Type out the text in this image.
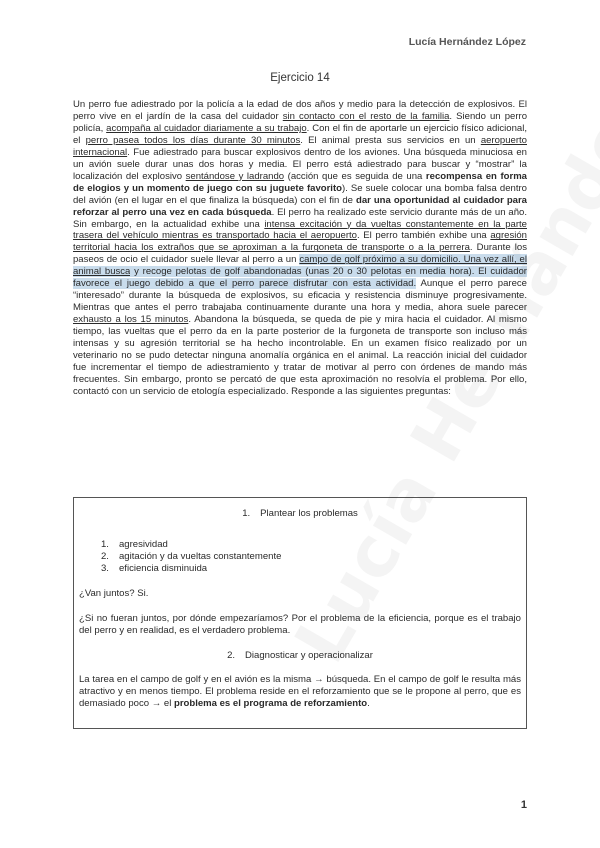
Lucía Hernández López
Ejercicio 14
Un perro fue adiestrado por la policía a la edad de dos años y medio para la detección de explosivos. El perro vive en el jardín de la casa del cuidador sin contacto con el resto de la familia. Siendo un perro policía, acompaña al cuidador diariamente a su trabajo. Con el fin de aportarle un ejercicio físico adicional, el perro pasea todos los días durante 30 minutos. El animal presta sus servicios en un aeropuerto internacional. Fue adiestrado para buscar explosivos dentro de los aviones. Una búsqueda minuciosa en un avión suele durar unas dos horas y media. El perro está adiestrado para buscar y “mostrar” la localización del explosivo sentándose y ladrando (acción que es seguida de una recompensa en forma de elogios y un momento de juego con su juguete favorito). Se suele colocar una bomba falsa dentro del avión (en el lugar en el que finaliza la búsqueda) con el fin de dar una oportunidad al cuidador para reforzar al perro una vez en cada búsqueda. El perro ha realizado este servicio durante más de un año. Sin embargo, en la actualidad exhibe una intensa excitación y da vueltas constantemente en la parte trasera del vehículo mientras es transportado hacia el aeropuerto. El perro también exhibe una agresión territorial hacia los extraños que se aproximan a la furgoneta de transporte o a la perrera. Durante los paseos de ocio el cuidador suele llevar al perro a un campo de golf próximo a su domicilio. Una vez allí, el animal busca y recoge pelotas de golf abandonadas (unas 20 o 30 pelotas en media hora). El cuidador favorece el juego debido a que el perro parece disfrutar con esta actividad. Aunque el perro parece “interesado” durante la búsqueda de explosivos, su eficacia y resistencia disminuye progresivamente. Mientras que antes el perro trabajaba continuamente durante una hora y media, ahora suele parecer exhausto a los 15 minutos. Abandona la búsqueda, se queda de pie y mira hacia el cuidador. Al mismo tiempo, las vueltas que el perro da en la parte posterior de la furgoneta de transporte son incluso más intensas y su agresión territorial se ha hecho incontrolable. En un examen físico realizado por un veterinario no se pudo detectar ninguna anomalía orgánica en el animal. La reacción inicial del cuidador fue incrementar el tiempo de adiestramiento y tratar de motivar al perro con órdenes de mando más frecuentes. Sin embargo, pronto se percató de que esta aproximación no resolvía el problema. Por ello, contactó con un servicio de etología especializado. Responde a las siguientes preguntas:
1. Plantear los problemas
1. agresividad
2. agitación y da vueltas constantemente
3. eficiencia disminuida

¿Van juntos? Si.

¿Si no fueran juntos, por dónde empezaríamos? Por el problema de la eficiencia, porque es el trabajo del perro y en realidad, es el verdadero problema.

2. Diagnosticar y operacionalizar

La tarea en el campo de golf y en el avión es la misma → búsqueda. En el campo de golf le resulta más atractivo y en menos tiempo. El problema reside en el reforzamiento que se le propone al perro, que es demasiado poco → el problema es el programa de reforzamiento.

1
